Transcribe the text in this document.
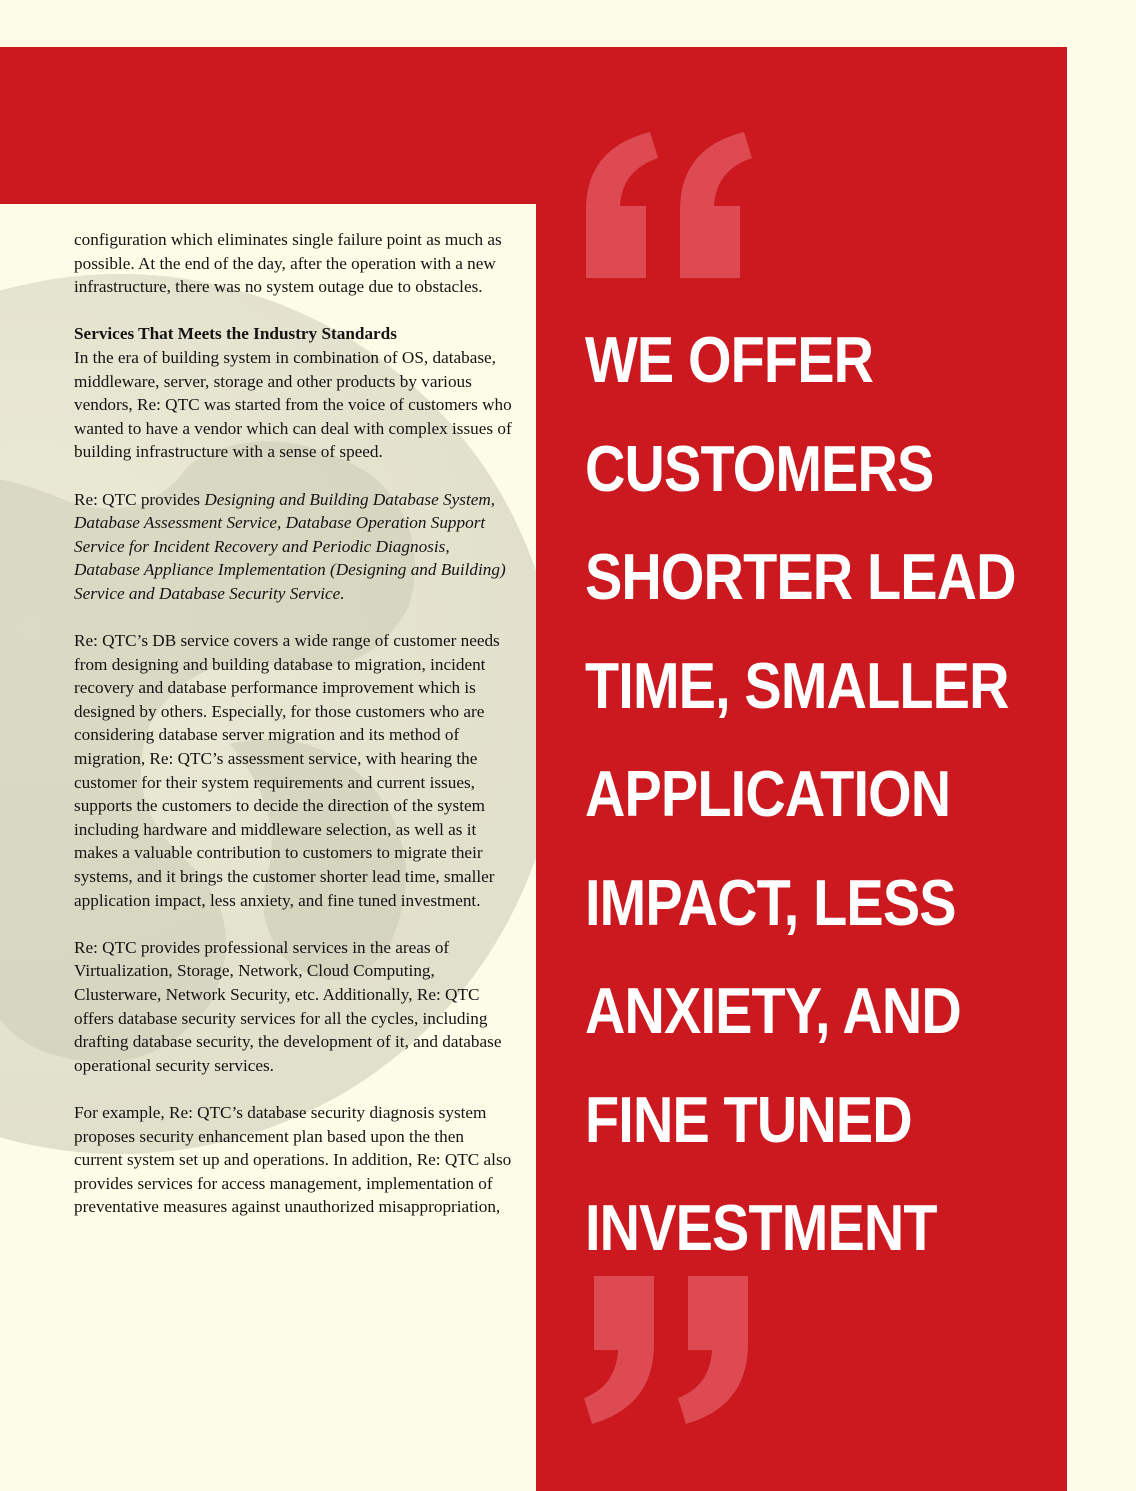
configuration which eliminates single failure point as much as possible. At the end of the day, after the operation with a new infrastructure, there was no system outage due to obstacles.

Services That Meets the Industry Standards
In the era of building system in combination of OS, database, middleware, server, storage and other products by various vendors, Re: QTC was started from the voice of customers who wanted to have a vendor which can deal with complex issues of building infrastructure with a sense of speed.

Re: QTC provides Designing and Building Database System, Database Assessment Service, Database Operation Support Service for Incident Recovery and Periodic Diagnosis, Database Appliance Implementation (Designing and Building) Service and Database Security Service.

Re: QTC’s DB service covers a wide range of customer needs from designing and building database to migration, incident recovery and database performance improvement which is designed by others. Especially, for those customers who are considering database server migration and its method of migration, Re: QTC’s assessment service, with hearing the customer for their system requirements and current issues, supports the customers to decide the direction of the system including hardware and middleware selection, as well as it makes a valuable contribution to customers to migrate their systems, and it brings the customer shorter lead time, smaller application impact, less anxiety, and fine tuned investment.

Re: QTC provides professional services in the areas of Virtualization, Storage, Network, Cloud Computing, Clusterware, Network Security, etc. Additionally, Re: QTC offers database security services for all the cycles, including drafting database security, the development of it, and database operational security services.

For example, Re: QTC’s database security diagnosis system proposes security enhancement plan based upon the then current system set up and operations. In addition, Re: QTC also provides services for access management, implementation of preventative measures against unauthorized misappropriation,

WE OFFER
CUSTOMERS
SHORTER LEAD
TIME, SMALLER
APPLICATION
IMPACT, LESS
ANXIETY, AND
FINE TUNED
INVESTMENT
